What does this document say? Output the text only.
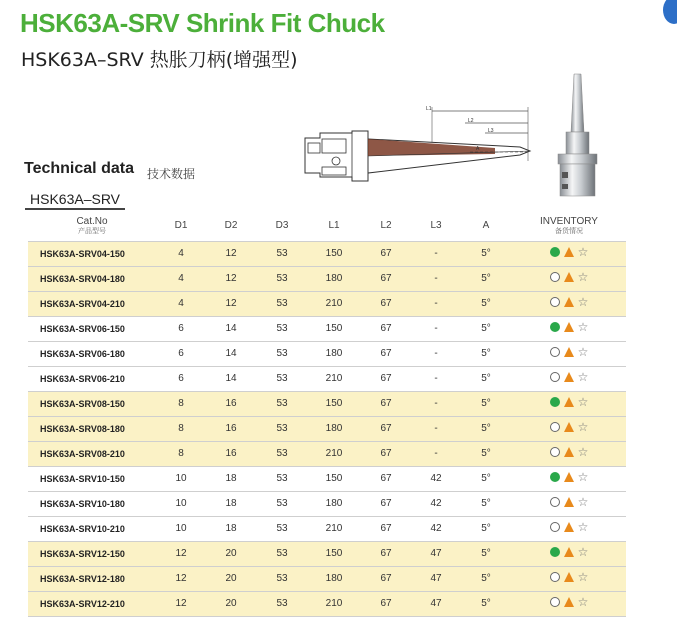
HSK63A-SRV Shrink Fit Chuck
HSK63A–SRV 热胀刀柄(增强型)
L1
L2
L3
A
Technical data 技术数据
HSK63A–SRV
Cat.No
产品型号	D1	D2	D3	L1	L2	L3	A	INVENTORY
备货情况

HSK63A-SRV04-150	4	12	53	150	67	-	5°	☆

HSK63A-SRV04-180	4	12	53	180	67	-	5°	☆

HSK63A-SRV04-210	4	12	53	210	67	-	5°	☆

HSK63A-SRV06-150	6	14	53	150	67	-	5°	☆

HSK63A-SRV06-180	6	14	53	180	67	-	5°	☆

HSK63A-SRV06-210	6	14	53	210	67	-	5°	☆

HSK63A-SRV08-150	8	16	53	150	67	-	5°	☆

HSK63A-SRV08-180	8	16	53	180	67	-	5°	☆

HSK63A-SRV08-210	8	16	53	210	67	-	5°	☆

HSK63A-SRV10-150	10	18	53	150	67	42	5°	☆

HSK63A-SRV10-180	10	18	53	180	67	42	5°	☆

HSK63A-SRV10-210	10	18	53	210	67	42	5°	☆

HSK63A-SRV12-150	12	20	53	150	67	47	5°	☆

HSK63A-SRV12-180	12	20	53	180	67	47	5°	☆

HSK63A-SRV12-210	12	20	53	210	67	47	5°	☆
